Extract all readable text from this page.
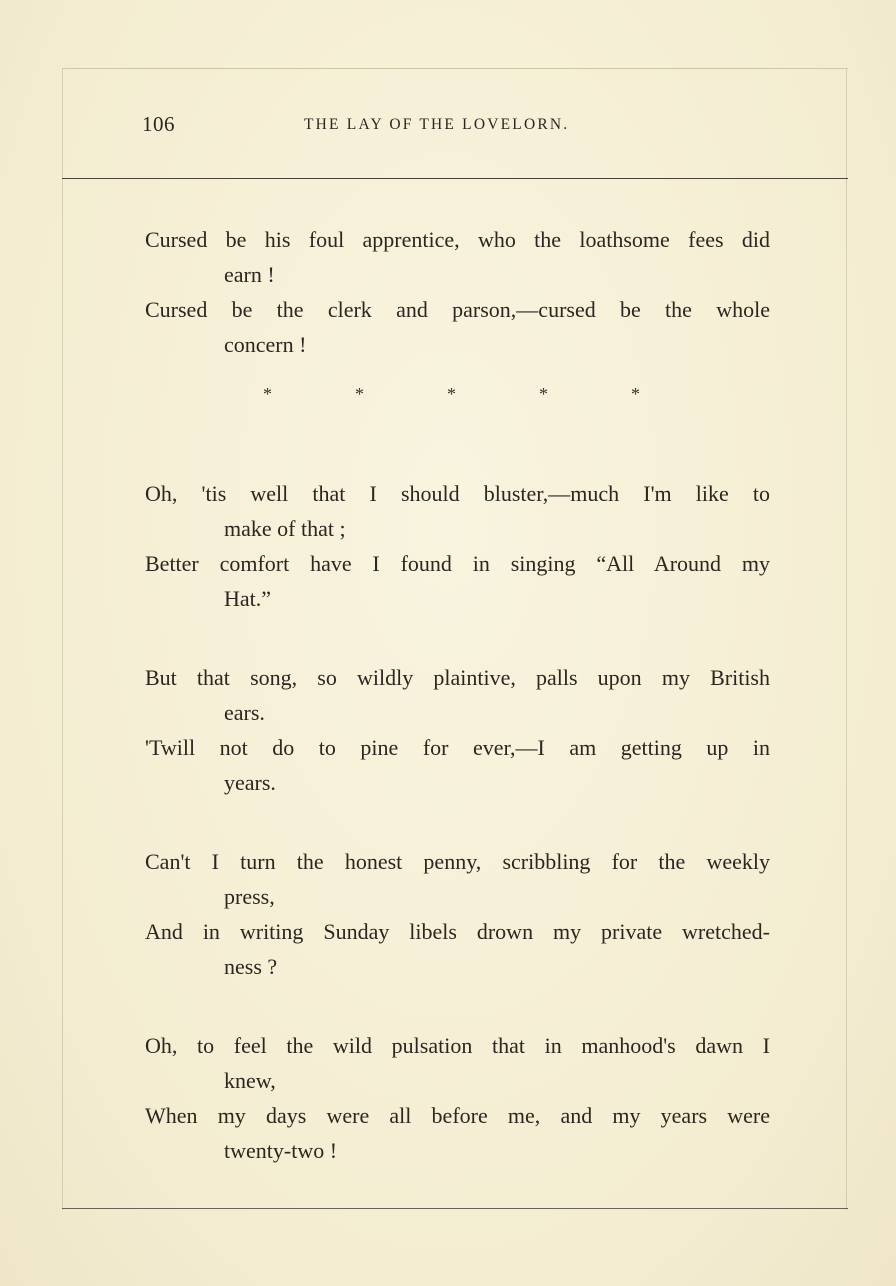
106	THE LAY OF THE LOVELORN.
Cursed be his foul apprentice, who the loathsome fees did
earn !
Cursed be the clerk and parson,—cursed be the whole
concern !
*	*	*	*	*
Oh, 'tis well that I should bluster,—much I'm like to
make of that ;
Better comfort have I found in singing “All Around my
Hat.”
But that song, so wildly plaintive, palls upon my British
ears.
'Twill not do to pine for ever,—I am getting up in
years.
Can't I turn the honest penny, scribbling for the weekly
press,
And in writing Sunday libels drown my private wretched-
ness ?
Oh, to feel the wild pulsation that in manhood's dawn I
knew,
When my days were all before me, and my years were
twenty-two !
